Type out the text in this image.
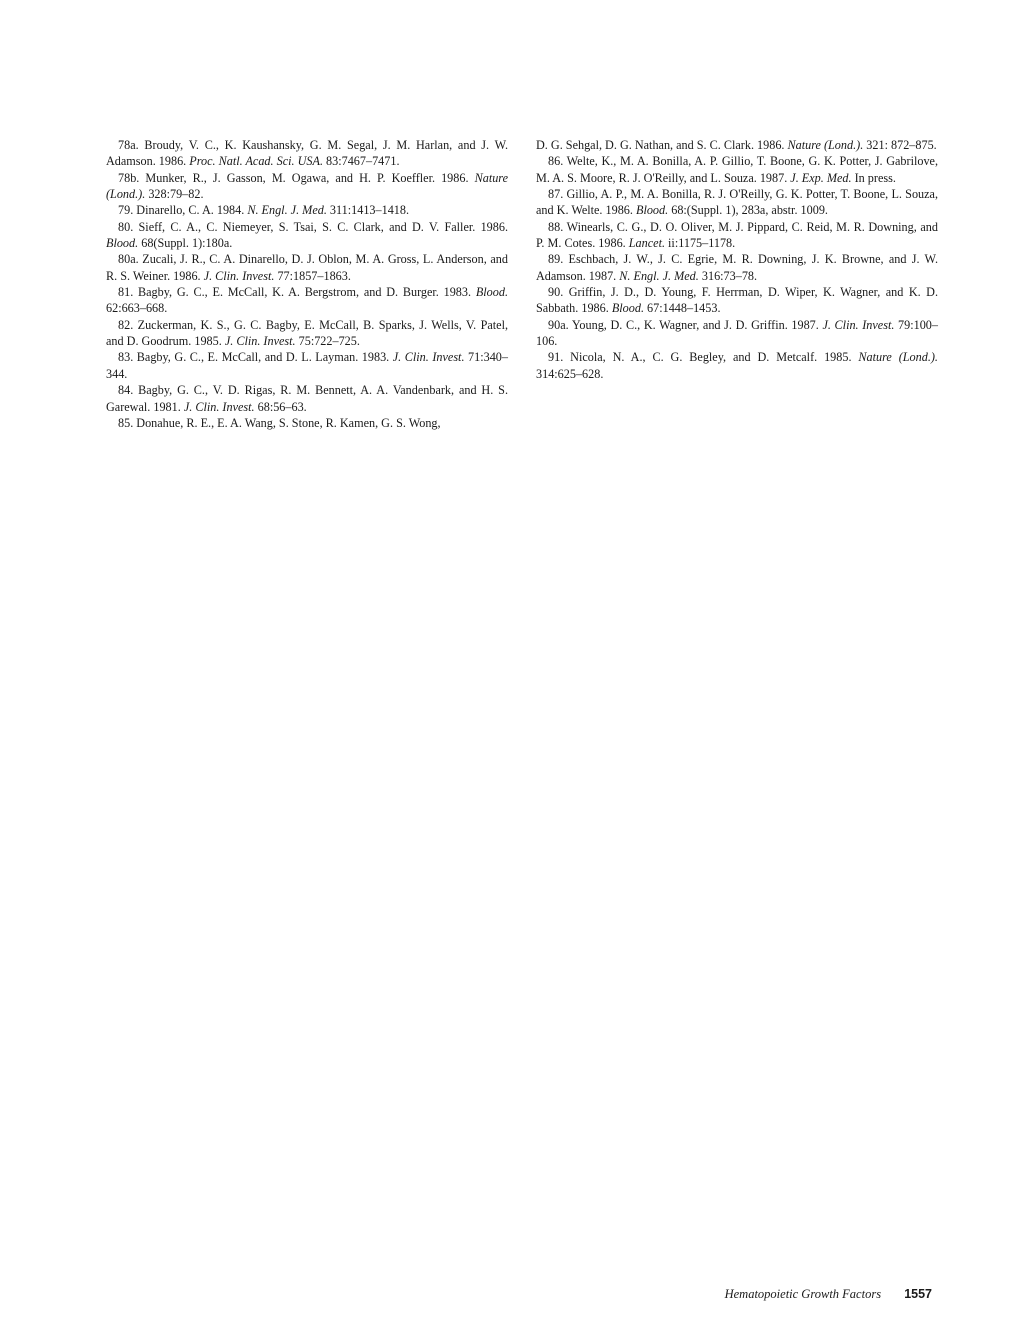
78a. Broudy, V. C., K. Kaushansky, G. M. Segal, J. M. Harlan, and J. W. Adamson. 1986. Proc. Natl. Acad. Sci. USA. 83:7467–7471.

78b. Munker, R., J. Gasson, M. Ogawa, and H. P. Koeffler. 1986. Nature (Lond.). 328:79–82.

79. Dinarello, C. A. 1984. N. Engl. J. Med. 311:1413–1418.

80. Sieff, C. A., C. Niemeyer, S. Tsai, S. C. Clark, and D. V. Faller. 1986. Blood. 68(Suppl. 1):180a.

80a. Zucali, J. R., C. A. Dinarello, D. J. Oblon, M. A. Gross, L. Anderson, and R. S. Weiner. 1986. J. Clin. Invest. 77:1857–1863.

81. Bagby, G. C., E. McCall, K. A. Bergstrom, and D. Burger. 1983. Blood. 62:663–668.

82. Zuckerman, K. S., G. C. Bagby, E. McCall, B. Sparks, J. Wells, V. Patel, and D. Goodrum. 1985. J. Clin. Invest. 75:722–725.

83. Bagby, G. C., E. McCall, and D. L. Layman. 1983. J. Clin. Invest. 71:340–344.

84. Bagby, G. C., V. D. Rigas, R. M. Bennett, A. A. Vandenbark, and H. S. Garewal. 1981. J. Clin. Invest. 68:56–63.

85. Donahue, R. E., E. A. Wang, S. Stone, R. Kamen, G. S. Wong,

D. G. Sehgal, D. G. Nathan, and S. C. Clark. 1986. Nature (Lond.). 321: 872–875.

86. Welte, K., M. A. Bonilla, A. P. Gillio, T. Boone, G. K. Potter, J. Gabrilove, M. A. S. Moore, R. J. O'Reilly, and L. Souza. 1987. J. Exp. Med. In press.

87. Gillio, A. P., M. A. Bonilla, R. J. O'Reilly, G. K. Potter, T. Boone, L. Souza, and K. Welte. 1986. Blood. 68:(Suppl. 1), 283a, abstr. 1009.

88. Winearls, C. G., D. O. Oliver, M. J. Pippard, C. Reid, M. R. Downing, and P. M. Cotes. 1986. Lancet. ii:1175–1178.

89. Eschbach, J. W., J. C. Egrie, M. R. Downing, J. K. Browne, and J. W. Adamson. 1987. N. Engl. J. Med. 316:73–78.

90. Griffin, J. D., D. Young, F. Herrman, D. Wiper, K. Wagner, and K. D. Sabbath. 1986. Blood. 67:1448–1453.

90a. Young, D. C., K. Wagner, and J. D. Griffin. 1987. J. Clin. Invest. 79:100–106.

91. Nicola, N. A., C. G. Begley, and D. Metcalf. 1985. Nature (Lond.). 314:625–628.

Hematopoietic Growth Factors 1557
